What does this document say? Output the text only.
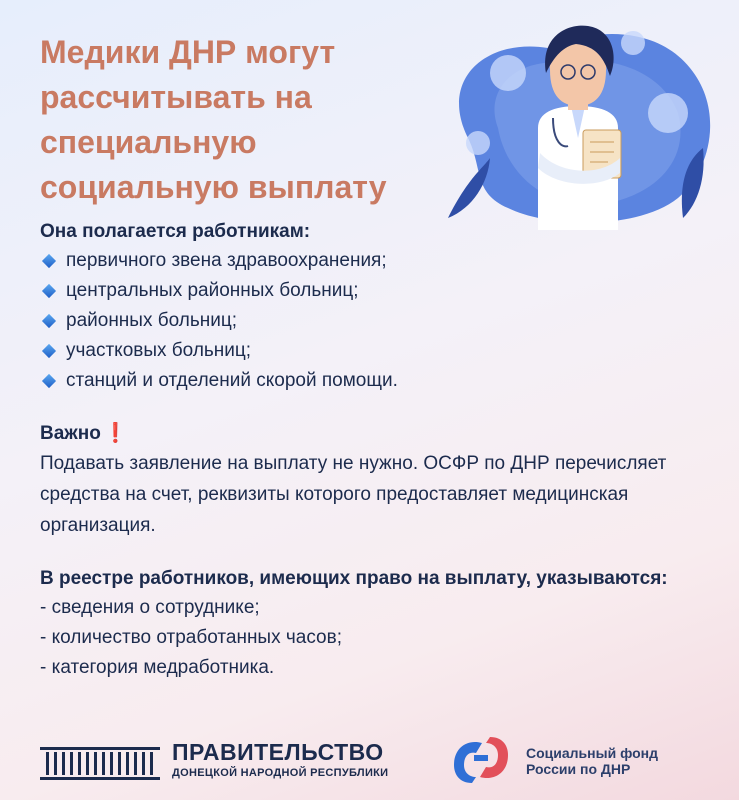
Медики ДНР могут рассчитывать на специальную социальную выплату
Она полагается работникам:
первичного звена здравоохранения;
центральных районных больниц;
районных больниц;
участковых больниц;
станций и отделений скорой помощи.
Важно ❗

Подавать заявление на выплату не нужно. ОСФР по ДНР перечисляет средства на счет, реквизиты которого предоставляет медицинская организация.

В реестре работников, имеющих право на выплату, указываются:
- сведения о сотруднике;
- количество отработанных часов;
- категория медработника.
ПРАВИТЕЛЬСТВО
ДОНЕЦКОЙ НАРОДНОЙ РЕСПУБЛИКИ
Социальный фонд
России по ДНР
